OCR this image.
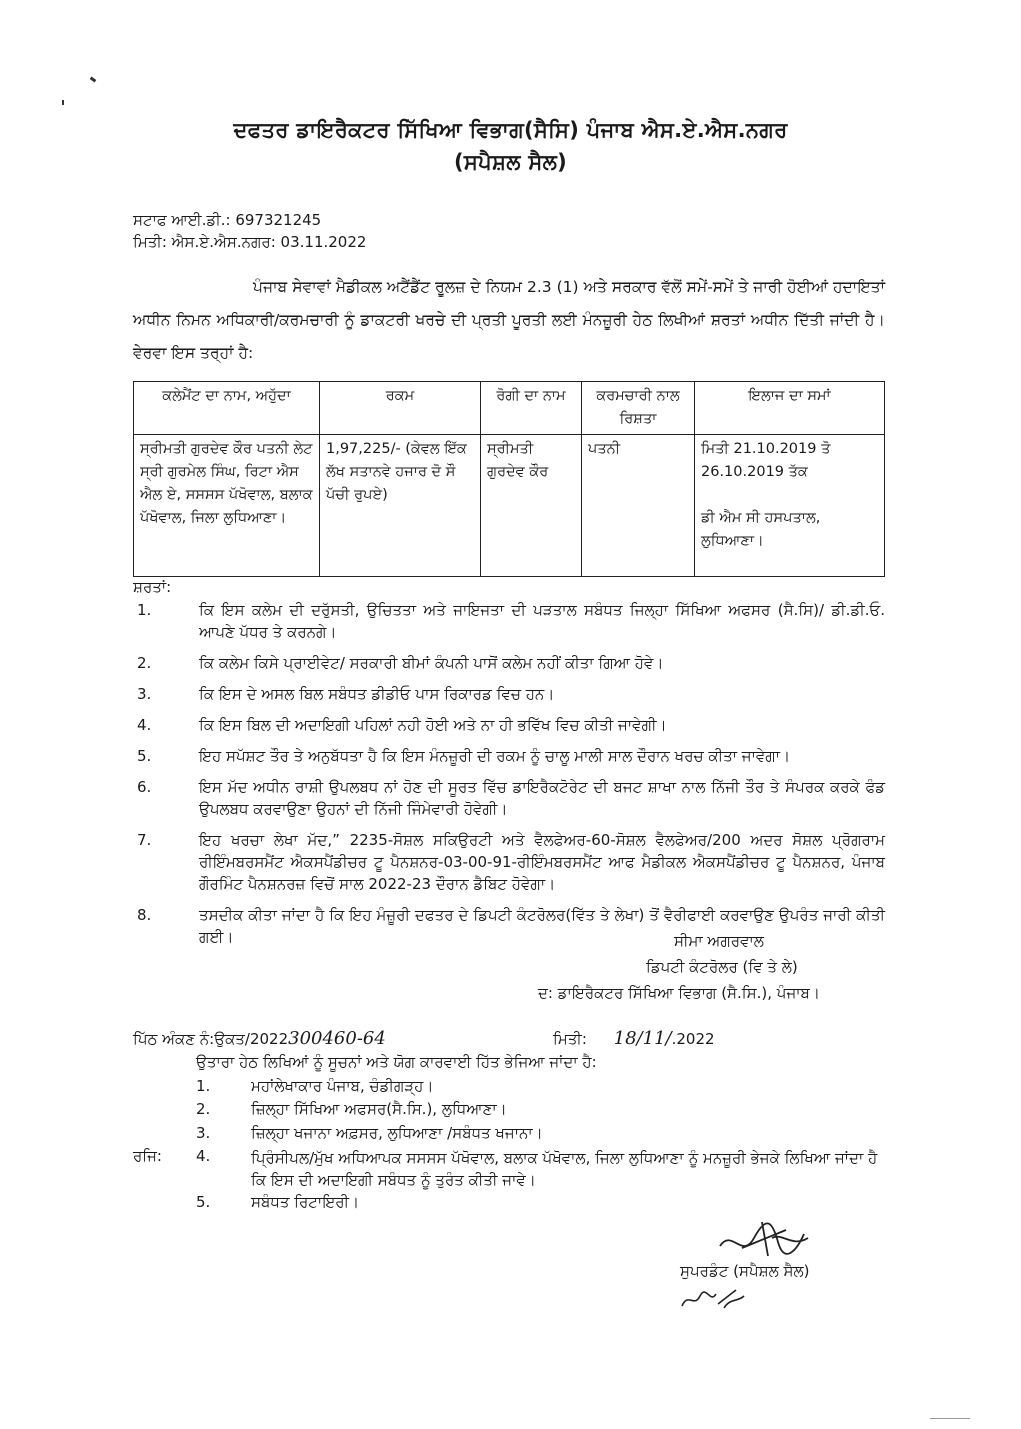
ਦਫਤਰ ਡਾਇਰੈਕਟਰ ਸਿੱਖਿਆ ਵਿਭਾਗ(ਸੈਸਿ) ਪੰਜਾਬ ਐਸ.ਏ.ਐਸ.ਨਗਰ
(ਸਪੈਸ਼ਲ ਸੈਲ)
ਸਟਾਫ ਆਈ.ਡੀ.: 697321245
ਮਿਤੀ: ਐਸ.ਏ.ਐਸ.ਨਗਰ: 03.11.2022
ਪੰਜਾਬ ਸੇਵਾਵਾਂ ਮੈਡੀਕਲ ਅਟੈਂਡੈਂਟ ਰੂਲਜ਼ ਦੇ ਨਿਯਮ 2.3 (1) ਅਤੇ ਸਰਕਾਰ ਵੱਲੋਂ ਸਮੇਂ-ਸਮੇਂ ਤੇ ਜਾਰੀ ਹੋਈਆਂ ਹਦਾਇਤਾਂ ਅਧੀਨ ਨਿਮਨ ਅਧਿਕਾਰੀ/ਕਰਮਚਾਰੀ ਨੂੰ ਡਾਕਟਰੀ ਖਰਚੇ ਦੀ ਪ੍ਰਤੀ ਪੂਰਤੀ ਲਈ ਮੰਨਜ਼ੂਰੀ ਹੇਠ ਲਿਖੀਆਂ ਸ਼ਰਤਾਂ ਅਧੀਨ ਦਿੱਤੀ ਜਾਂਦੀ ਹੈ। ਵੇਰਵਾ ਇਸ ਤਰ੍ਹਾਂ ਹੈ:
ਕਲੇਮੈਂਟ ਦਾ ਨਾਮ, ਅਹੁੱਦਾ	ਰਕਮ	ਰੋਗੀ ਦਾ ਨਾਮ	ਕਰਮਚਾਰੀ ਨਾਲ ਰਿਸ਼ਤਾ	ਇਲਾਜ ਦਾ ਸਮਾਂ
ਸ੍ਰੀਮਤੀ ਗੁਰਦੇਵ ਕੌਰ ਪਤਨੀ ਲੇਟ ਸ੍ਰੀ ਗੁਰਮੇਲ ਸਿੰਘ, ਰਿਟਾ ਐਸ ਐਲ ਏ, ਸਸਸਸ ਪੱਖੋਵਾਲ, ਬਲਾਕ ਪੱਖੋਵਾਲ, ਜਿਲਾ ਲੁਧਿਆਣਾ।	1,97,225/- (ਕੇਵਲ ਇੱਕ ਲੱਖ ਸਤਾਨਵੇ ਹਜਾਰ ਦੋ ਸੌ ਪੱਚੀ ਰੁਪਏ)	ਸ੍ਰੀਮਤੀ ਗੁਰਦੇਵ ਕੌਰ	ਪਤਨੀ	ਮਿਤੀ 21.10.2019 ਤੋ 26.10.2019 ਤੱਕ
ਡੀ ਐਮ ਸੀ ਹਸਪਤਾਲ, ਲੁਧਿਆਣਾ।
ਸ਼ਰਤਾਂ:
1.	ਕਿ ਇਸ ਕਲੇਮ ਦੀ ਦਰੁੱਸਤੀ, ਉਚਿਤਤਾ ਅਤੇ ਜਾਇਜਤਾ ਦੀ ਪੜਤਾਲ ਸਬੰਧਤ ਜਿਲ੍ਹਾ ਸਿੱਖਿਆ ਅਫਸਰ (ਸੈ.ਸਿ)/ ਡੀ.ਡੀ.ਓ. ਆਪਣੇ ਪੱਧਰ ਤੇ ਕਰਨਗੇ।
2.	ਕਿ ਕਲੇਮ ਕਿਸੇ ਪ੍ਰਾਈਵੇਟ/ ਸਰਕਾਰੀ ਬੀਮਾਂ ਕੰਪਨੀ ਪਾਸੋਂ ਕਲੇਮ ਨਹੀਂ ਕੀਤਾ ਗਿਆ ਹੋਵੇ।
3.	ਕਿ ਇਸ ਦੇ ਅਸਲ ਬਿਲ ਸਬੰਧਤ ਡੀਡੀਓ ਪਾਸ ਰਿਕਾਰਡ ਵਿਚ ਹਨ।
4.	ਕਿ ਇਸ ਬਿਲ ਦੀ ਅਦਾਇਗੀ ਪਹਿਲਾਂ ਨਹੀ ਹੋਈ ਅਤੇ ਨਾ ਹੀ ਭਵਿੱਖ ਵਿਚ ਕੀਤੀ ਜਾਵੇਗੀ।
5.	ਇਹ ਸਪੱਸ਼ਟ ਤੌਰ ਤੇ ਅਨੁਬੱਧਤਾ ਹੈ ਕਿ ਇਸ ਮੰਨਜ਼ੂਰੀ ਦੀ ਰਕਮ ਨੂੰ ਚਾਲੂ ਮਾਲੀ ਸਾਲ ਦੌਰਾਨ ਖਰਚ ਕੀਤਾ ਜਾਵੇਗਾ।
6.	ਇਸ ਮੱਦ ਅਧੀਨ ਰਾਸ਼ੀ ਉਪਲਬਧ ਨਾਂ ਹੋਣ ਦੀ ਸੂਰਤ ਵਿੱਚ ਡਾਇਰੈਕਟੋਰੇਟ ਦੀ ਬਜਟ ਸ਼ਾਖਾ ਨਾਲ ਨਿੱਜੀ ਤੌਰ ਤੇ ਸੰਪਰਕ ਕਰਕੇ ਫੰਡ ਉਪਲਬਧ ਕਰਵਾਉਣਾ ਉਹਨਾਂ ਦੀ ਨਿੱਜੀ ਜਿੰਮੇਵਾਰੀ ਹੋਵੇਗੀ।
7.	ਇਹ ਖਰਚਾ ਲੇਖਾ ਮੱਦ,” 2235-ਸੋਸ਼ਲ ਸਕਿਉਰਟੀ ਅਤੇ ਵੈਲਫੇਅਰ-60-ਸੋਸ਼ਲ ਵੈਲਫੇਅਰ/200 ਅਦਰ ਸੋਸ਼ਲ ਪ੍ਰੋਗਰਾਮ ਰੀਇੰਮਬਰਸਮੈਂਟ ਐਕਸਪੈਂਡੀਚਰ ਟੂ ਪੈਨਸ਼ਨਰ-03-00-91-ਰੀਇੰਮਬਰਸਮੈਂਟ ਆਫ ਮੈਡੀਕਲ ਐਕਸਪੈਂਡੀਚਰ ਟੂ ਪੈਨਸ਼ਨਰ, ਪੰਜਾਬ ਗੌਰਮਿੰਟ ਪੈਨਸ਼ਨਰਜ਼ ਵਿਚੋਂ ਸਾਲ 2022-23 ਦੌਰਾਨ ਡੈਬਿਟ ਹੋਵੇਗਾ।
8.	ਤਸਦੀਕ ਕੀਤਾ ਜਾਂਦਾ ਹੈ ਕਿ ਇਹ ਮੰਜ਼ੂਰੀ ਦਫਤਰ ਦੇ ਡਿਪਟੀ ਕੰਟਰੋਲਰ(ਵਿੱਤ ਤੇ ਲੇਖਾ) ਤੋਂ ਵੈਰੀਫਾਈ ਕਰਵਾਉਣ ਉਪਰੰਤ ਜਾਰੀ ਕੀਤੀ ਗਈ।	ਸੀਮਾ ਅਗਰਵਾਲ
ਡਿਪਟੀ ਕੰਟਰੋਲਰ (ਵਿ ਤੇ ਲੇ)
ਦ: ਡਾਇਰੈਕਟਰ ਸਿੱਖਿਆ ਵਿਭਾਗ (ਸੈ.ਸਿ.), ਪੰਜਾਬ।
ਪਿੱਠ ਅੰਕਣ ਨੰ:ਉਕਤ/2022300460-64	ਮਿਤੀ: 18/11/.2022
ਉਤਾਰਾ ਹੇਠ ਲਿਖਿਆਂ ਨੂੰ ਸੂਚਨਾਂ ਅਤੇ ਯੋਗ ਕਾਰਵਾਈ ਹਿੱਤ ਭੇਜਿਆ ਜਾਂਦਾ ਹੈ:
1.	ਮਹਾਂਲੇਖਾਕਾਰ ਪੰਜਾਬ, ਚੰਡੀਗੜ੍ਹ।
2.	ਜ਼ਿਲ੍ਹਾ ਸਿੱਖਿਆ ਅਫਸਰ(ਸੈ.ਸਿ.), ਲੁਧਿਆਣਾ।
3.	ਜ਼ਿਲ੍ਹਾ ਖਜਾਨਾ ਅਫ਼ਸਰ, ਲੁਧਿਆਣਾ /ਸਬੰਧਤ ਖਜਾਨਾ।
ਰਜਿ: 4.	ਪ੍ਰਿੰਸੀਪਲ/ਮੁੱਖ ਅਧਿਆਪਕ ਸਸਸਸ ਪੱਖੋਵਾਲ, ਬਲਾਕ ਪੱਖੋਵਾਲ, ਜਿਲਾ ਲੁਧਿਆਣਾ ਨੂੰ ਮਨਜ਼ੂਰੀ ਭੇਜਕੇ ਲਿਖਿਆ ਜਾਂਦਾ ਹੈ ਕਿ ਇਸ ਦੀ ਅਦਾਇਗੀ ਸਬੰਧਤ ਨੂੰ ਤੁਰੰਤ ਕੀਤੀ ਜਾਵੇ।
5.	ਸਬੰਧਤ ਰਿਟਾਇਰੀ।
ਸੁਪਰਡੰਟ (ਸਪੈਸ਼ਲ ਸੈਲ)
